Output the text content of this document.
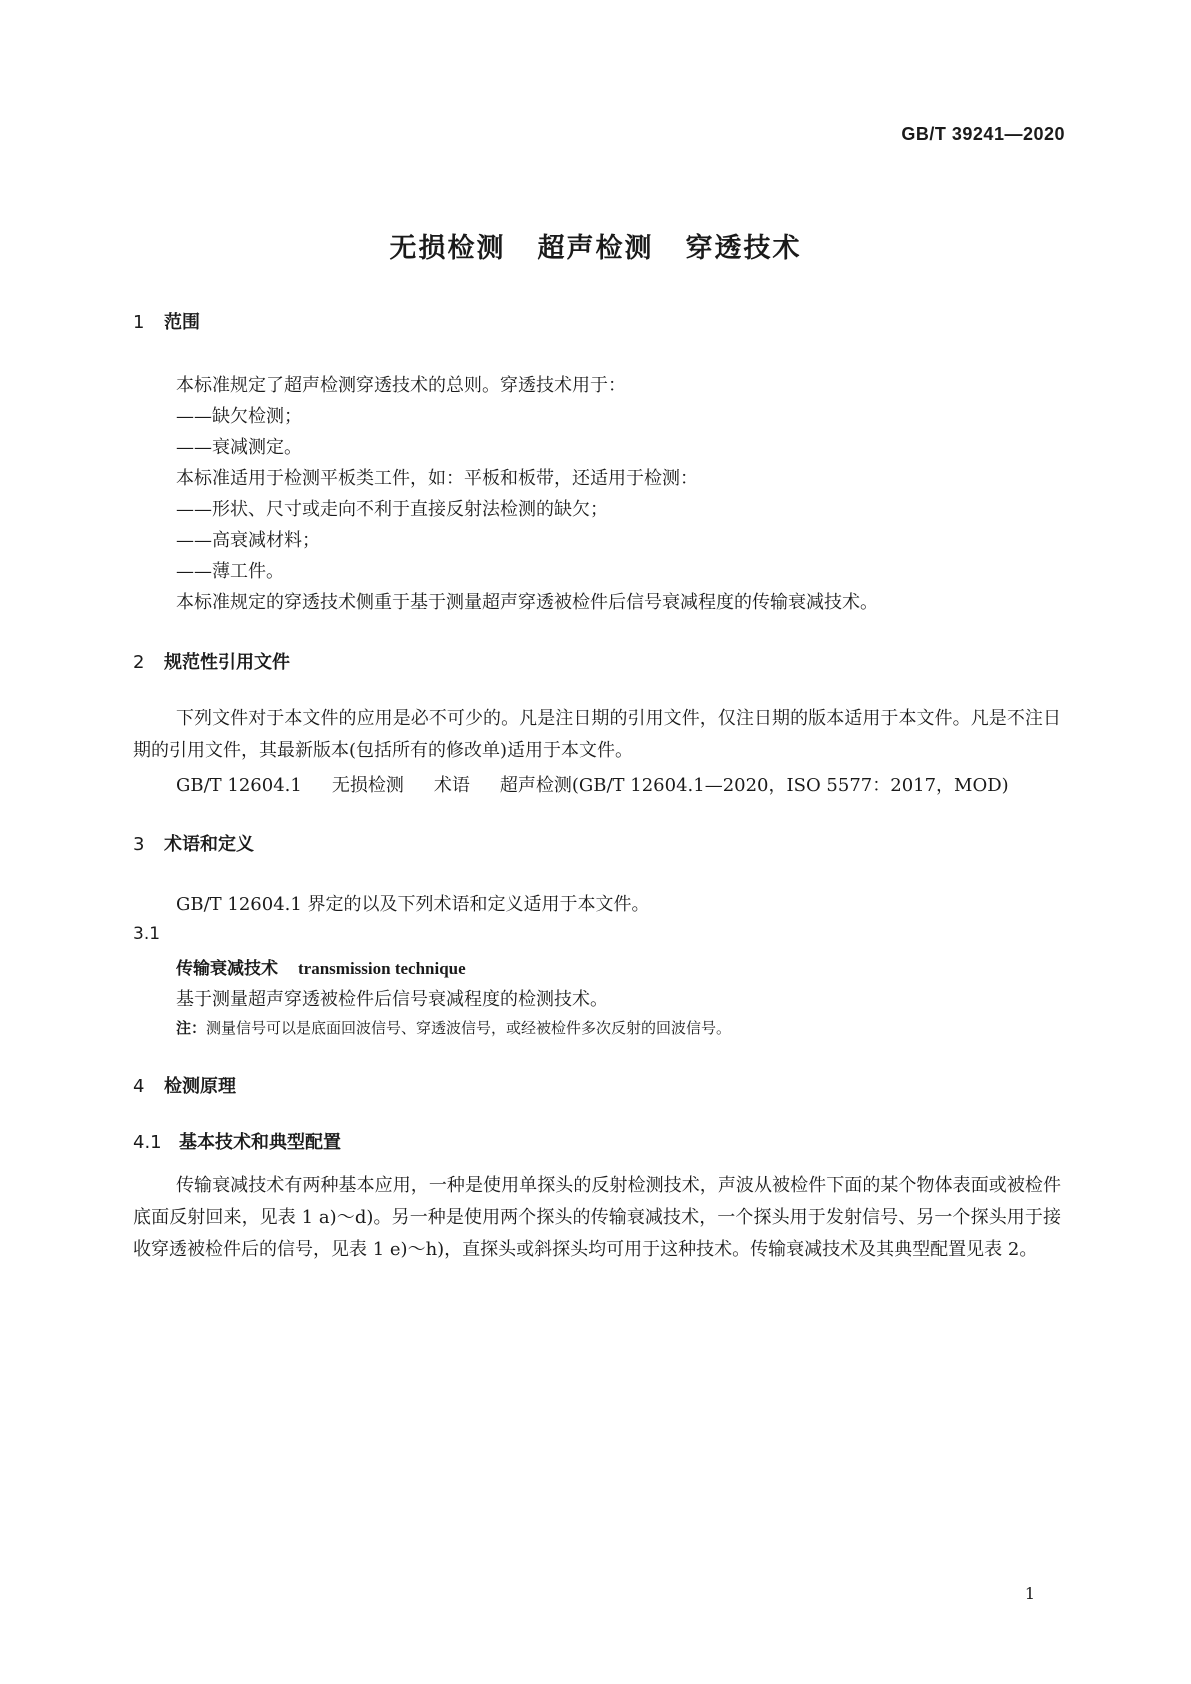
GB/T 39241—2020
无损检测 超声检测 穿透技术
1 范围
本标准规定了超声检测穿透技术的总则。穿透技术用于：
——缺欠检测；
——衰减测定。
本标准适用于检测平板类工件，如：平板和板带，还适用于检测：
——形状、尺寸或走向不利于直接反射法检测的缺欠；
——高衰减材料；
——薄工件。
本标准规定的穿透技术侧重于基于测量超声穿透被检件后信号衰减程度的传输衰减技术。
2 规范性引用文件
下列文件对于本文件的应用是必不可少的。凡是注日期的引用文件，仅注日期的版本适用于本文件。凡是不注日期的引用文件，其最新版本(包括所有的修改单)适用于本文件。
GB/T 12604.1 无损检测 术语 超声检测(GB/T 12604.1—2020，ISO 5577：2017，MOD)
3 术语和定义
GB/T 12604.1 界定的以及下列术语和定义适用于本文件。
3.1
传输衰减技术 transmission technique
基于测量超声穿透被检件后信号衰减程度的检测技术。
注：测量信号可以是底面回波信号、穿透波信号，或经被检件多次反射的回波信号。
4 检测原理
4.1 基本技术和典型配置
传输衰减技术有两种基本应用，一种是使用单探头的反射检测技术，声波从被检件下面的某个物体表面或被检件底面反射回来，见表 1 a)～d)。另一种是使用两个探头的传输衰减技术，一个探头用于发射信号、另一个探头用于接收穿透被检件后的信号，见表 1 e)～h)，直探头或斜探头均可用于这种技术。传输衰减技术及其典型配置见表 2。
1
